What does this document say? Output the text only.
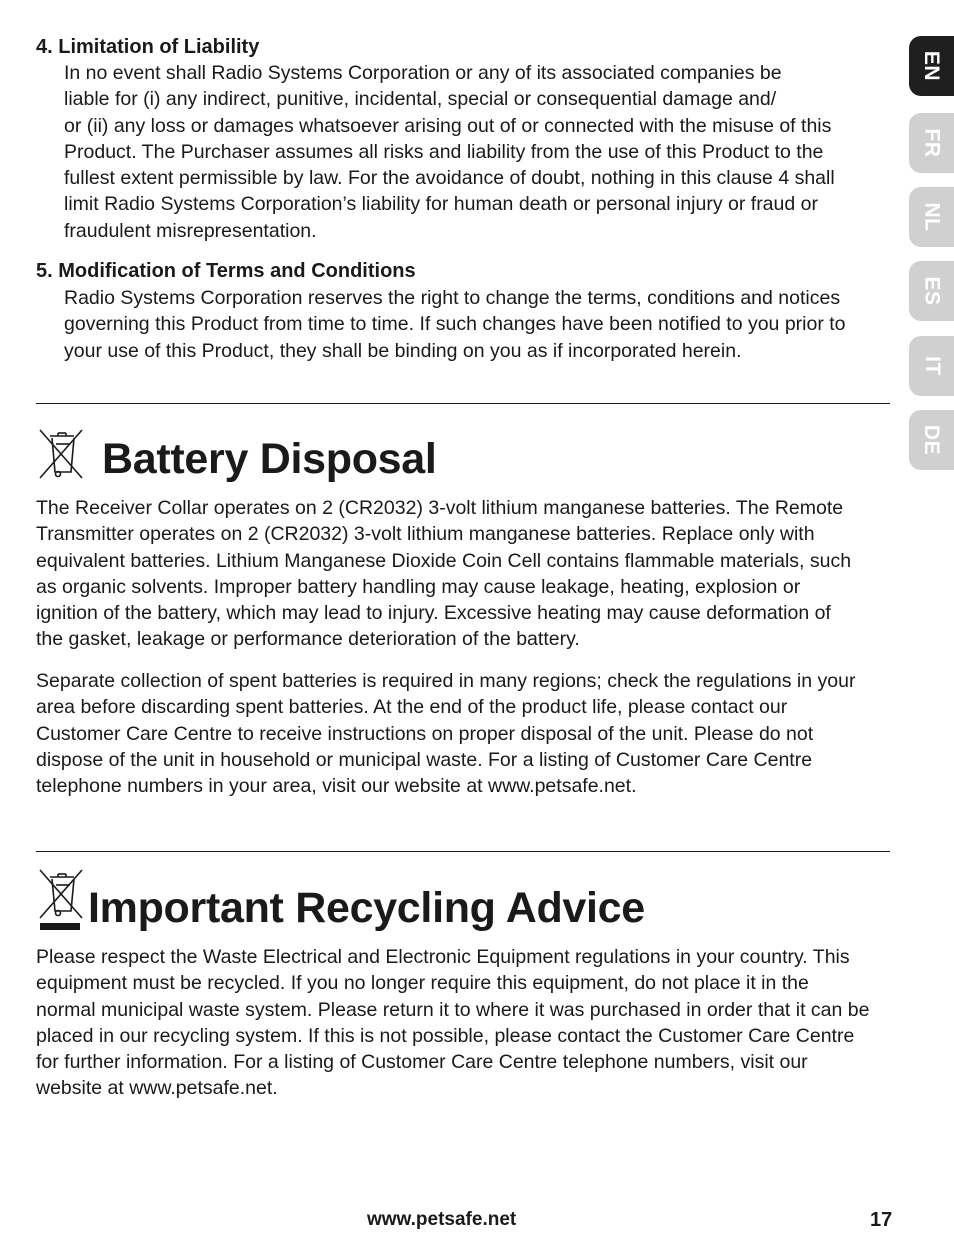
EN
FR
NL
ES
IT
DE
4. Limitation of Liability
In no event shall Radio Systems Corporation or any of its associated companies be
liable for (i) any indirect, punitive, incidental, special or consequential damage and/
or (ii) any loss or damages whatsoever arising out of or connected with the misuse of this
Product. The Purchaser assumes all risks and liability from the use of this Product to the
fullest extent permissible by law. For the avoidance of doubt, nothing in this clause 4 shall
limit Radio Systems Corporation’s liability for human death or personal injury or fraud or
fraudulent misrepresentation.
5. Modification of Terms and Conditions
Radio Systems Corporation reserves the right to change the terms, conditions and notices
governing this Product from time to time. If such changes have been notified to you prior to
your use of this Product, they shall be binding on you as if incorporated herein.
Battery Disposal
The Receiver Collar operates on 2 (CR2032) 3-volt lithium manganese batteries. The Remote
Transmitter operates on 2 (CR2032) 3-volt lithium manganese batteries. Replace only with
equivalent batteries. Lithium Manganese Dioxide Coin Cell contains flammable materials, such
as organic solvents. Improper battery handling may cause leakage, heating, explosion or
ignition of the battery, which may lead to injury. Excessive heating may cause deformation of
the gasket, leakage or performance deterioration of the battery.
Separate collection of spent batteries is required in many regions; check the regulations in your
area before discarding spent batteries. At the end of the product life, please contact our
Customer Care Centre to receive instructions on proper disposal of the unit. Please do not
dispose of the unit in household or municipal waste. For a listing of Customer Care Centre
telephone numbers in your area, visit our website at www.petsafe.net.
Important Recycling Advice
Please respect the Waste Electrical and Electronic Equipment regulations in your country. This
equipment must be recycled. If you no longer require this equipment, do not place it in the
normal municipal waste system. Please return it to where it was purchased in order that it can be
placed in our recycling system. If this is not possible, please contact the Customer Care Centre
for further information. For a listing of Customer Care Centre telephone numbers, visit our
website at www.petsafe.net.
www.petsafe.net	17
